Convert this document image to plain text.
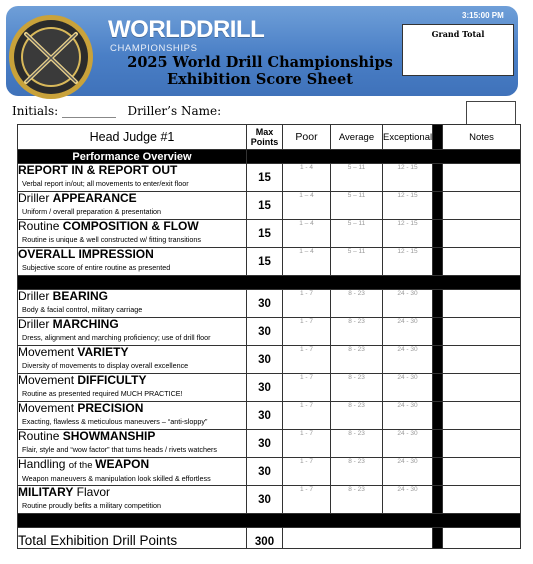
WORLDDRILL
CHAMPIONSHIPS
3:15:00 PM
Grand Total
2025 World Drill Championships
Exhibition Score Sheet
Initials: _________ Driller’s Name:
Head Judge #1	Max Points	Poor	Average	Exceptional		Notes
Performance Overview						

REPORT IN & REPORT OUT
Verbal report in/out; all movements to enter/exit floor	15	1 - 4	5 – 11	12 - 15		

Driller APPEARANCE
Uniform / overall preparation & presentation	15	1 – 4	5 – 11	12 - 15		

Routine COMPOSITION & FLOW
Routine is unique & well constructed w/ fitting transitions	15	1 – 4	5 – 11	12 - 15		

OVERALL IMPRESSION
Subjective score of entire routine as presented	15	1 – 4	5 – 11	12 - 15		

Driller BEARING
Body & facial control, military carriage	30	1 - 7	8 - 23	24 - 30		

Driller MARCHING
Dress, alignment and marching proficiency; use of drill floor	30	1 - 7	8 - 23	24 - 30		

Movement VARIETY
Diversity of movements to display overall excellence	30	1 - 7	8 - 23	24 - 30		

Movement DIFFICULTY
Routine as presented required MUCH PRACTICE!	30	1 - 7	8 - 23	24 - 30		

Movement PRECISION
Exacting, flawless & meticulous maneuvers – “anti-sloppy”	30	1 - 7	8 - 23	24 - 30		

Routine SHOWMANSHIP
Flair, style and “wow factor” that turns heads / rivets watchers	30	1 - 7	8 - 23	24 - 30		

Handling of the WEAPON
Weapon maneuvers & manipulation look skilled & effortless	30	1 - 7	8 - 23	24 - 30		

MILITARY Flavor
Routine proudly befits a military competition	30	1 - 7	8 - 23	24 - 30		

Total Exhibition Drill Points	300					
